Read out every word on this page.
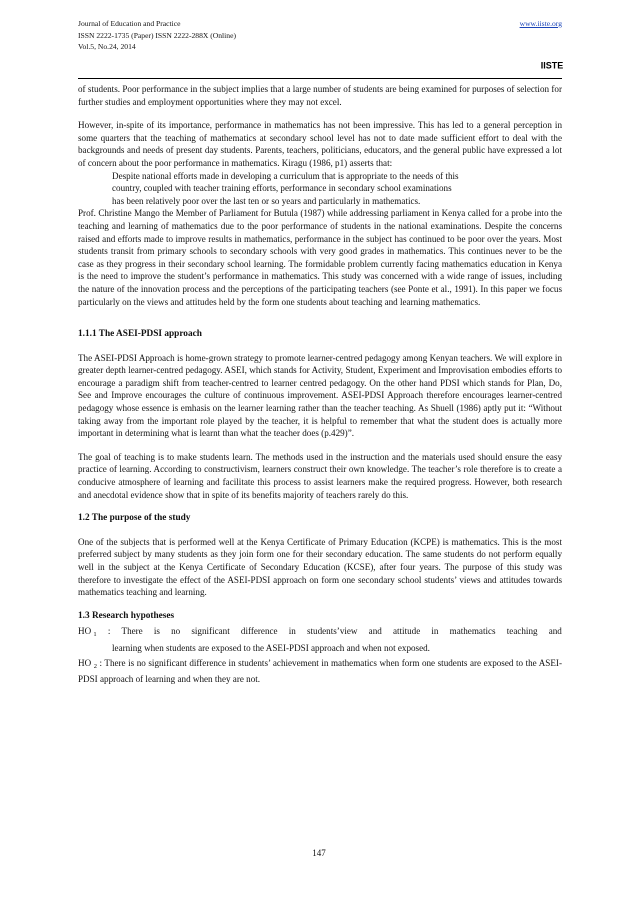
Journal of Education and Practice
ISSN 2222-1735 (Paper) ISSN 2222-288X (Online)
Vol.5, No.24, 2014
www.iiste.org
IISTE

of students. Poor performance in the subject implies that a large number of students are being examined for purposes of selection for further studies and employment opportunities where they may not excel.

However, in-spite of its importance, performance in mathematics has not been impressive. This has led to a general perception in some quarters that the teaching of mathematics at secondary school level has not to date made sufficient effort to deal with the backgrounds and needs of present day students. Parents, teachers, politicians, educators, and the general public have expressed a lot of concern about the poor performance in mathematics. Kiragu (1986, p1) asserts that:

Despite national efforts made in developing a curriculum that is appropriate to the needs of this
country, coupled with teacher training efforts, performance in secondary school examinations
has been relatively poor over the last ten or so years and particularly in mathematics.

Prof. Christine Mango the Member of Parliament for Butula (1987) while addressing parliament in Kenya called for a probe into the teaching and learning of mathematics due to the poor performance of students in the national examinations. Despite the concerns raised and efforts made to improve results in mathematics, performance in the subject has continued to be poor over the years. Most students transit from primary schools to secondary schools with very good grades in mathematics. This continues never to be the case as they progress in their secondary school learning. The formidable problem currently facing mathematics education in Kenya is the need to improve the student’s performance in mathematics. This study was concerned with a wide range of issues, including the nature of the innovation process and the perceptions of the participating teachers (see Ponte et al., 1991). In this paper we focus particularly on the views and attitudes held by the form one students about teaching and learning mathematics.

1.1.1 The ASEI-PDSI approach

The ASEI-PDSI Approach is home-grown strategy to promote learner-centred pedagogy among Kenyan teachers. We will explore in greater depth learner-centred pedagogy. ASEI, which stands for Activity, Student, Experiment and Improvisation embodies efforts to encourage a paradigm shift from teacher-centred to learner centred pedagogy. On the other hand PDSI which stands for Plan, Do, See and Improve encourages the culture of continuous improvement. ASEI-PDSI Approach therefore encourages learner-centred pedagogy whose essence is emhasis on the learner learning rather than the teacher teaching. As Shuell (1986) aptly put it: “Without taking away from the important role played by the teacher, it is helpful to remember that what the student does is actually more important in determining what is learnt than what the teacher does (p.429)”.

The goal of teaching is to make students learn. The methods used in the instruction and the materials used should ensure the easy practice of learning. According to constructivism, learners construct their own knowledge. The teacher’s role therefore is to create a conducive atmosphere of learning and facilitate this process to assist learners make the required progress. However, both research and anecdotal evidence show that in spite of its benefits majority of teachers rarely do this.

1.2 The purpose of the study

One of the subjects that is performed well at the Kenya Certificate of Primary Education (KCPE) is mathematics. This is the most preferred subject by many students as they join form one for their secondary education. The same students do not perform equally well in the subject at the Kenya Certificate of Secondary Education (KCSE), after four years. The purpose of this study was therefore to investigate the effect of the ASEI-PDSI approach on form one secondary school students’ views and attitudes towards mathematics teaching and learning.

1.3 Research hypotheses
HO $_1$ : There is no significant difference in students’view and attitude in mathematics teaching and
learning when students are exposed to the ASEI-PDSI approach and when not exposed.
HO $_2$ : There is no significant difference in students’ achievement in mathematics when form one students are exposed to the ASEI-PDSI approach of learning and when they are not.
147
